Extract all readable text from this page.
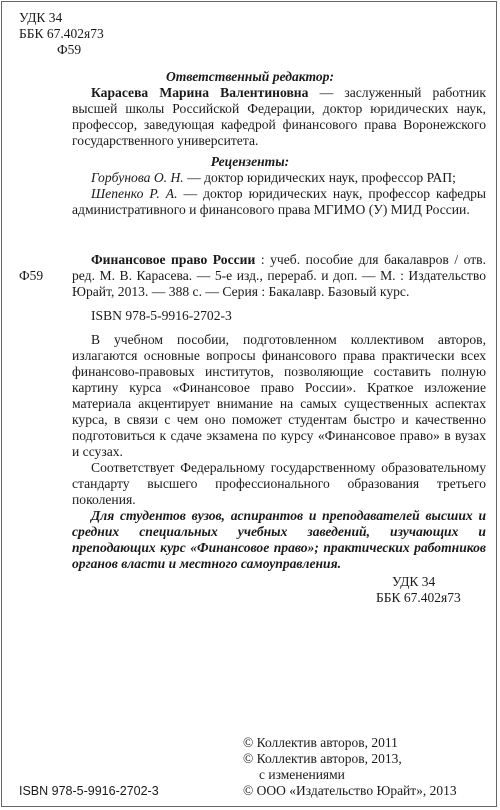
УДК 34
ББК 67.402я73
Ф59
Ответственный редактор:
Карасева Марина Валентиновна — заслуженный работник высшей школы Российской Федерации, доктор юридических наук, профессор, заведующая кафедрой финансового права Воронежского государственного университета.
Рецензенты:
Горбунова О. Н. — доктор юридических наук, профессор РАП;
Шепенко Р. А. — доктор юридических наук, профессор кафедры административного и финансового права МГИМО (У) МИД России.
Ф59
Финансовое право России : учеб. пособие для бакалавров / отв. ред. М. В. Карасева. — 5-е изд., перераб. и доп. — М. : Издательство Юрайт, 2013. — 388 с. — Серия : Бакалавр. Базовый курс.
ISBN 978-5-9916-2702-3
В учебном пособии, подготовленном коллективом авторов, излагаются основные вопросы финансового права практически всех финансово-правовых институтов, позволяющие составить полную картину курса «Финансовое право России». Краткое изложение материала акцентирует внимание на самых существенных аспектах курса, в связи с чем оно поможет студентам быстро и качественно подготовиться к сдаче экзамена по курсу «Финансовое право» в вузах и ссузах.
Соответствует Федеральному государственному образовательному стандарту высшего профессионального образования третьего поколения.
Для студентов вузов, аспирантов и преподавателей высших и средних специальных учебных заведений, изучающих и преподающих курс «Финансовое право»; практических работников органов власти и местного самоуправления.
УДК 34
ББК 67.402я73
ISBN 978-5-9916-2702-3
© Коллектив авторов, 2011
© Коллектив авторов, 2013,
с изменениями
© ООО «Издательство Юрайт», 2013
